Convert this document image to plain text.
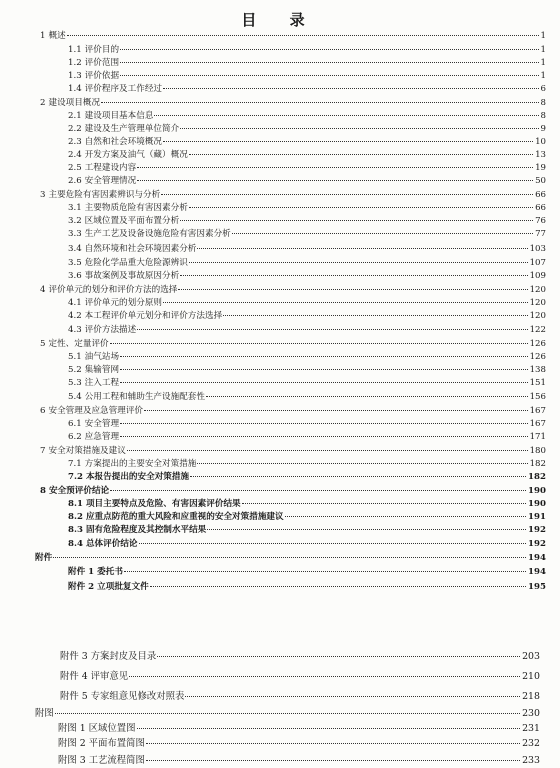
目 录
1 概述	1
1.1 评价目的	1
1.2 评价范围	1
1.3 评价依据	1
1.4 评价程序及工作经过	6
2 建设项目概况	8
2.1 建设项目基本信息	8
2.2 建设及生产管理单位简介	9
2.3 自然和社会环境概况	10
2.4 开发方案及油气（藏）概况	13
2.5 工程建设内容	19
2.6 安全管理情况	50
3 主要危险有害因素辨识与分析	66
3.1 主要物质危险有害因素分析	66
3.2 区域位置及平面布置分析	76
3.3 生产工艺及设备设施危险有害因素分析	77
3.4 自然环境和社会环境因素分析	103
3.5 危险化学品重大危险源辨识	107
3.6 事故案例及事故原因分析	109
4 评价单元的划分和评价方法的选择	120
4.1 评价单元的划分原则	120
4.2 本工程评价单元划分和评价方法选择	120
4.3 评价方法描述	122
5 定性、定量评价	126
5.1 油气站场	126
5.2 集输管网	138
5.3 注入工程	151
5.4 公用工程和辅助生产设施配套性	156
6 安全管理及应急管理评价	167
6.1 安全管理	167
6.2 应急管理	171
7 安全对策措施及建议	180
7.1 方案提出的主要安全对策措施	182
7.2 本报告提出的安全对策措施	182
8 安全预评价结论	190
8.1 项目主要特点及危险、有害因素评价结果	190
8.2 应重点防范的重大风险和应重视的安全对策措施建议	191
8.3 固有危险程度及其控制水平结果	192
8.4 总体评价结论	192
附件	194
附件 1 委托书	194
附件 2 立项批复文件	195
附件 3 方案封皮及目录	203
附件 4 评审意见	210
附件 5 专家组意见修改对照表	218
附图	230
附图 1 区域位置图	231
附图 2 平面布置简图	232
附图 3 工艺流程简图	233
